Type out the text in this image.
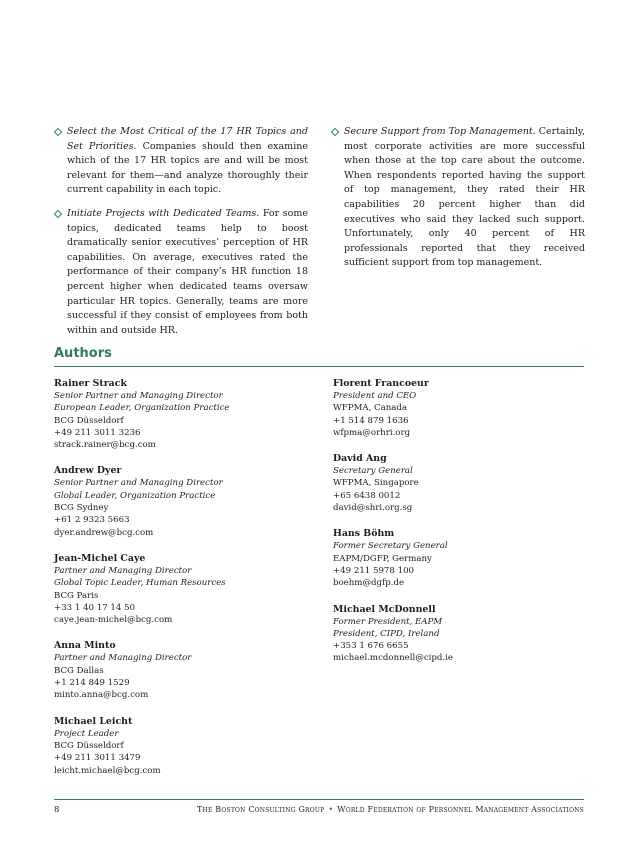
Select the Most Critical of the 17 HR Topics and Set Priorities. Companies should then examine which of the 17 HR topics are and will be most relevant for them—and analyze thoroughly their current capability in each topic.
Initiate Projects with Dedicated Teams. For some topics, dedicated teams help to boost dramatically senior executives’ perception of HR capabilities. On average, executives rated the performance of their company’s HR function 18 percent higher when dedicated teams oversaw particular HR topics. Generally, teams are more successful if they consist of employees from both within and outside HR.
Secure Support from Top Management. Certainly, most corporate activities are more successful when those at the top care about the outcome. When respondents reported having the support of top management, they rated their HR capabilities 20 percent higher than did executives who said they lacked such support. Unfortunately, only 40 percent of HR professionals reported that they received sufficient support from top management.
Authors
Rainer Strack
Senior Partner and Managing Director
European Leader, Organization Practice
BCG Düsseldorf
+49 211 3011 3236
strack.rainer@bcg.com
Andrew Dyer
Senior Partner and Managing Director
Global Leader, Organization Practice
BCG Sydney
+61 2 9323 5663
dyer.andrew@bcg.com
Jean-Michel Caye
Partner and Managing Director
Global Topic Leader, Human Resources
BCG Paris
+33 1 40 17 14 50
caye.jean-michel@bcg.com
Anna Minto
Partner and Managing Director
BCG Dallas
+1 214 849 1529
minto.anna@bcg.com
Michael Leicht
Project Leader
BCG Düsseldorf
+49 211 3011 3479
leicht.michael@bcg.com
Florent Francoeur
President and CEO
WFPMA, Canada
+1 514 879 1636
wfpma@orhri.org
David Ang
Secretary General
WFPMA, Singapore
+65 6438 0012
david@shri.org.sg
Hans Böhm
Former Secretary General
EAPM/DGFP, Germany
+49 211 5978 100
boehm@dgfp.de
Michael McDonnell
Former President, EAPM
President, CIPD, Ireland
+353 1 676 6655
michael.mcdonnell@cipd.ie
8	The Boston Consulting Group • World Federation of Personnel Management Associations
